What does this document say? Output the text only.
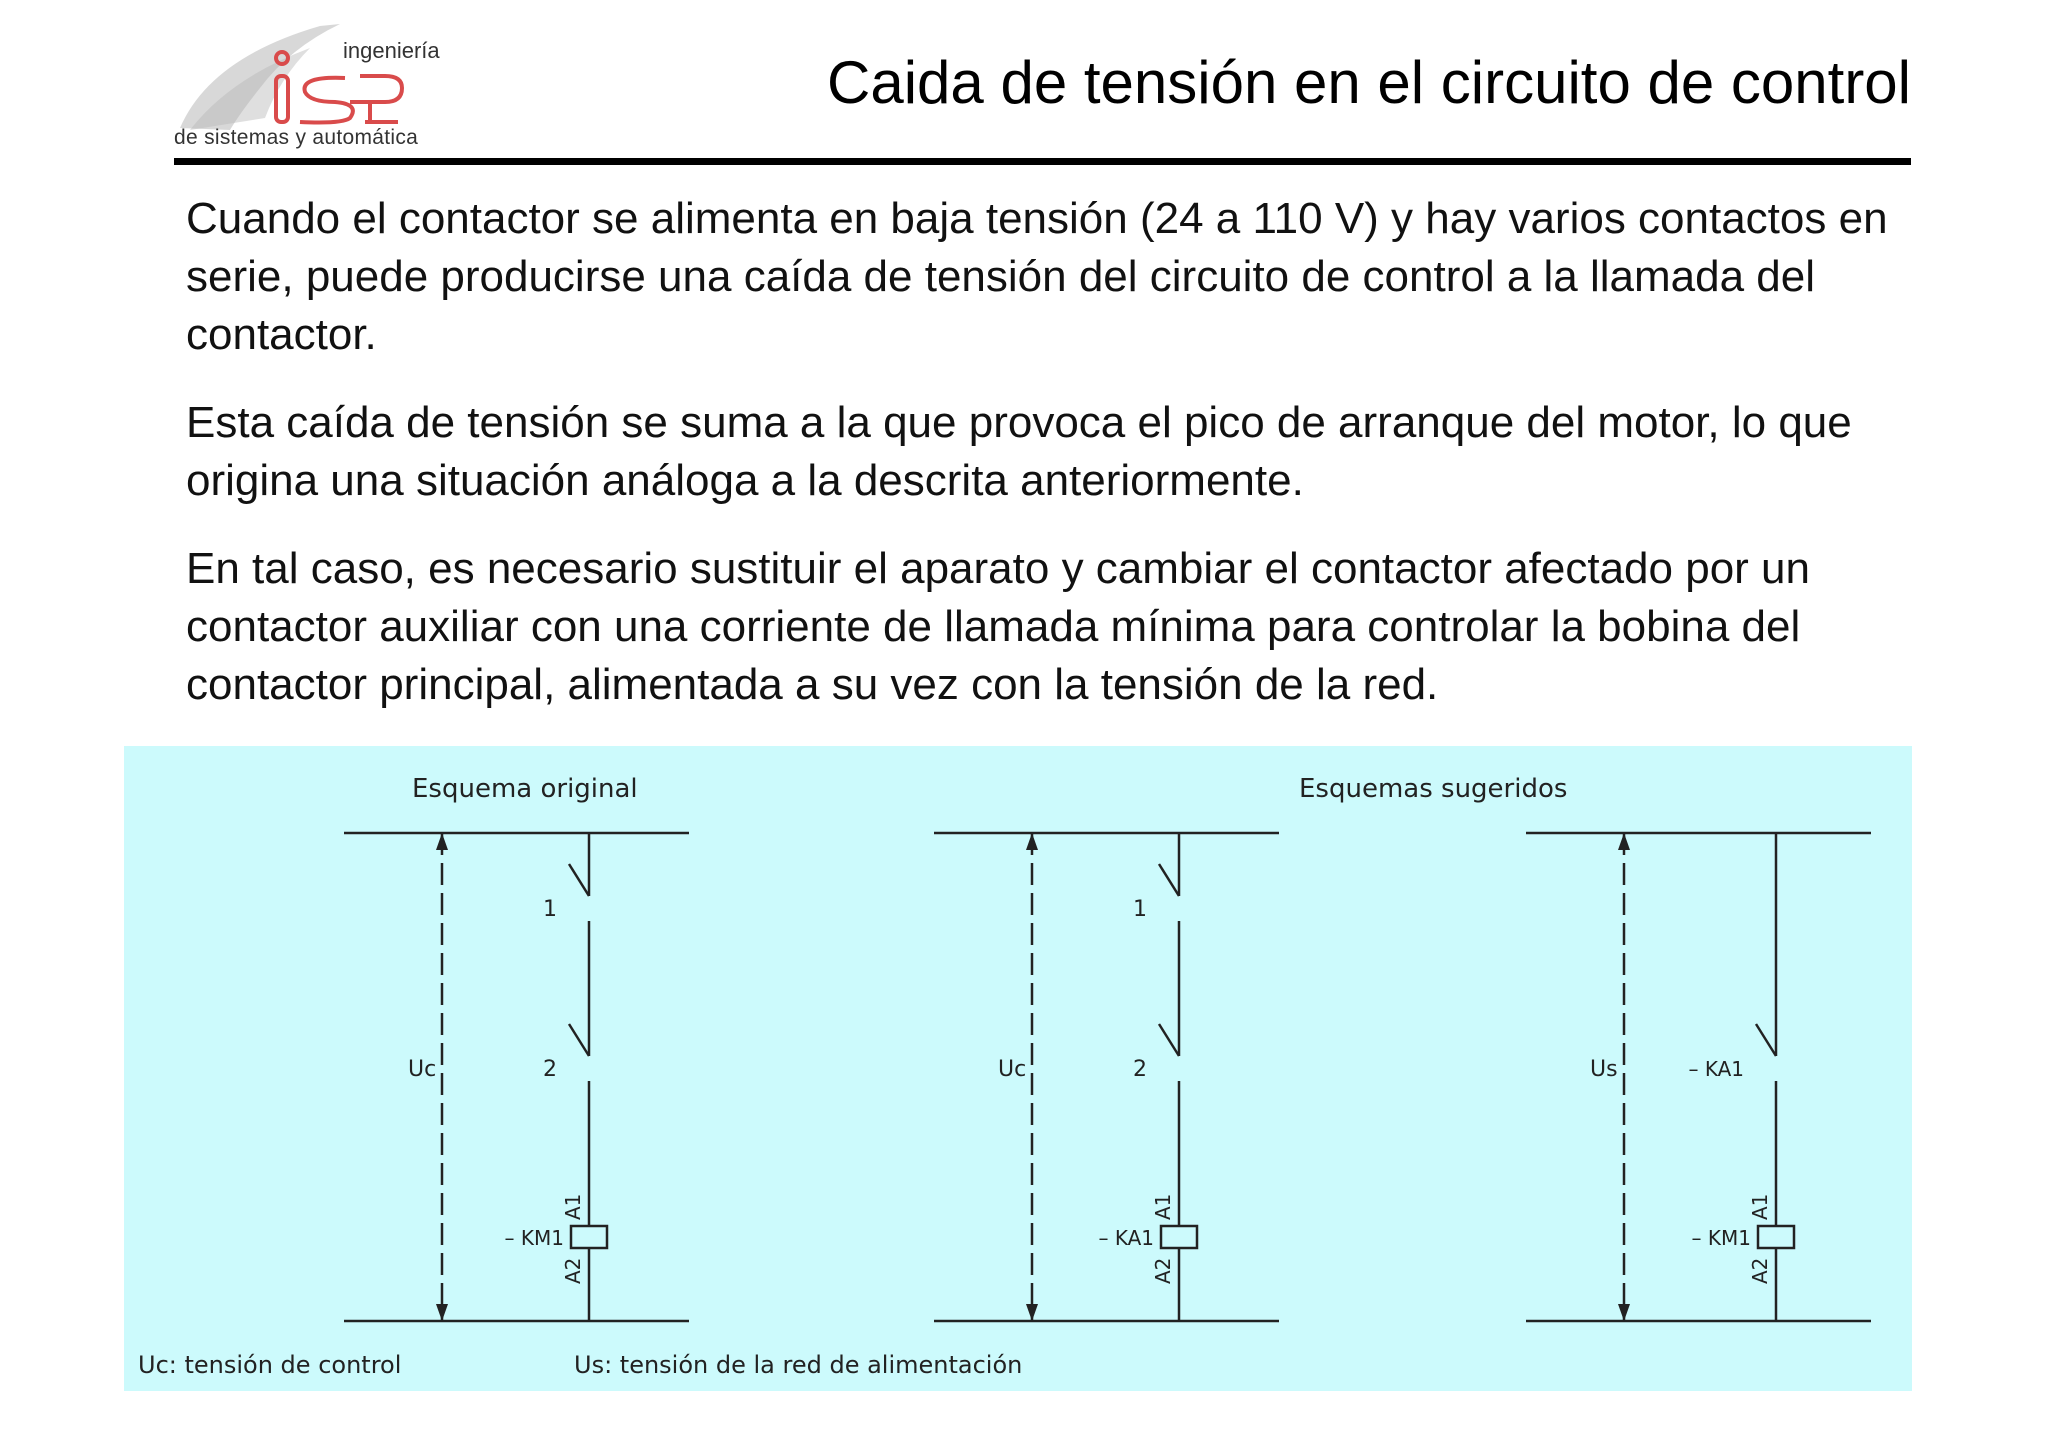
ingeniería
de sistemas y automática
Caida de tensión en el circuito de control

Cuando el contactor se alimenta en baja tensión (24 a 110 V) y hay varios contactos en serie, puede producirse una caída de tensión del circuito de control a la llamada del contactor.

Esta caída de tensión se suma a la que provoca el pico de arranque del motor, lo que origina una situación análoga a la descrita anteriormente.

En tal caso, es necesario sustituir el aparato y cambiar el contactor afectado por un contactor auxiliar con una corriente de llamada mínima para controlar la bobina del contactor principal, alimentada a su vez con la tensión de la red.

Esquema original	Esquemas sugeridos
Uc
1
2
– KM1
A1
A2
Uc
1
2
– KA1
A1
A2
Us	– KA1
– KM1
A1
A2
Uc: tensión de control	Us: tensión de la red de alimentación
